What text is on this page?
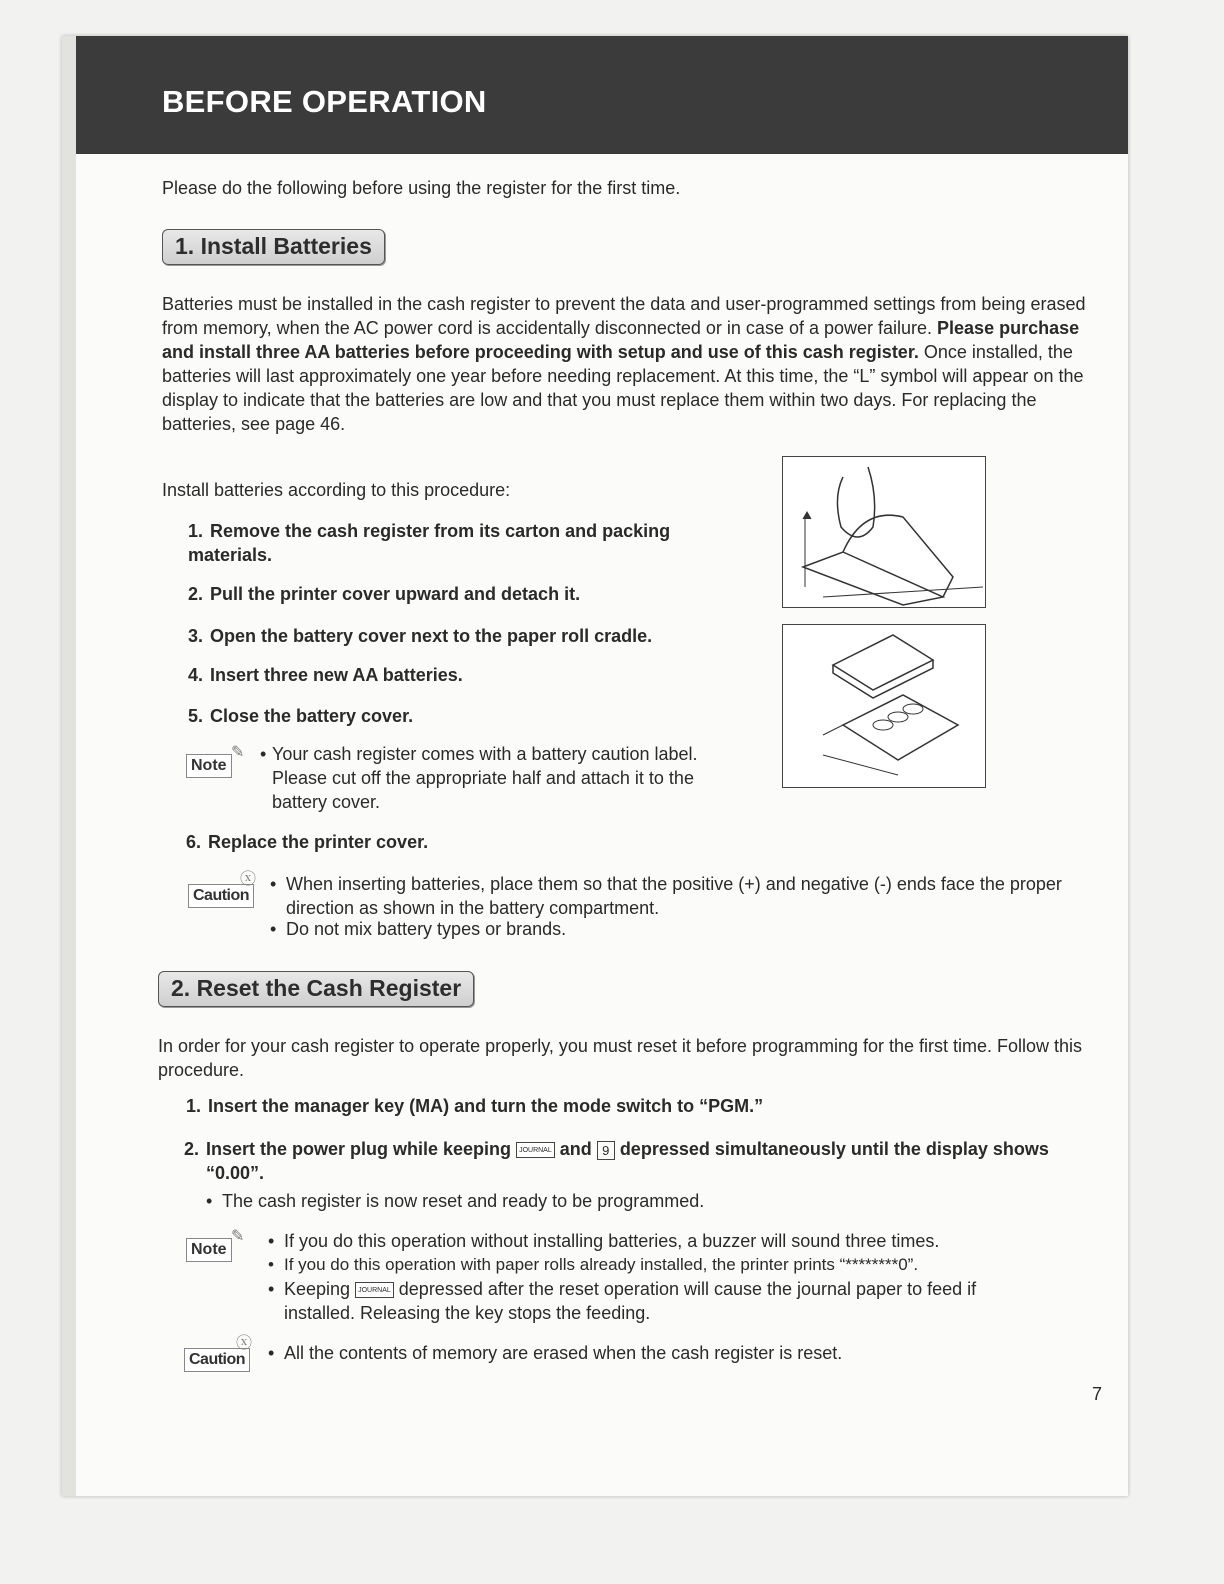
BEFORE OPERATION

Please do the following before using the register for the first time.

1. Install Batteries

Batteries must be installed in the cash register to prevent the data and user-programmed settings from being erased from memory, when the AC power cord is accidentally disconnected or in case of a power failure. Please purchase and install three AA batteries before proceeding with setup and use of this cash register. Once installed, the batteries will last approximately one year before needing replacement. At this time, the “L” symbol will appear on the display to indicate that the batteries are low and that you must replace them within two days. For replacing the batteries, see page 46.

Install batteries according to this procedure:

1. Remove the cash register from its carton and packing materials.
2. Pull the printer cover upward and detach it.
3. Open the battery cover next to the paper roll cradle.
4. Insert three new AA batteries.
5. Close the battery cover.
Note
✎ • Your cash register comes with a battery caution label. Please cut off the appropriate half and attach it to the battery cover.
6. Replace the printer cover.
Caution
ⓧ • When inserting batteries, place them so that the positive (+) and negative (-) ends face the proper direction as shown in the battery compartment.
• Do not mix battery types or brands.
2. Reset the Cash Register

In order for your cash register to operate properly, you must reset it before programming for the first time. Follow this procedure.

1. Insert the manager key (MA) and turn the mode switch to “PGM.”
2. Insert the power plug while keeping JOURNAL and 9 depressed simultaneously until the display shows “0.00”.
• The cash register is now reset and ready to be programmed.
Note
✎ • If you do this operation without installing batteries, a buzzer will sound three times.
• If you do this operation with paper rolls already installed, the printer prints “********0”.
• Keeping JOURNAL depressed after the reset operation will cause the journal paper to feed if installed. Releasing the key stops the feeding.
Caution
ⓧ • All the contents of memory are erased when the cash register is reset.
7
